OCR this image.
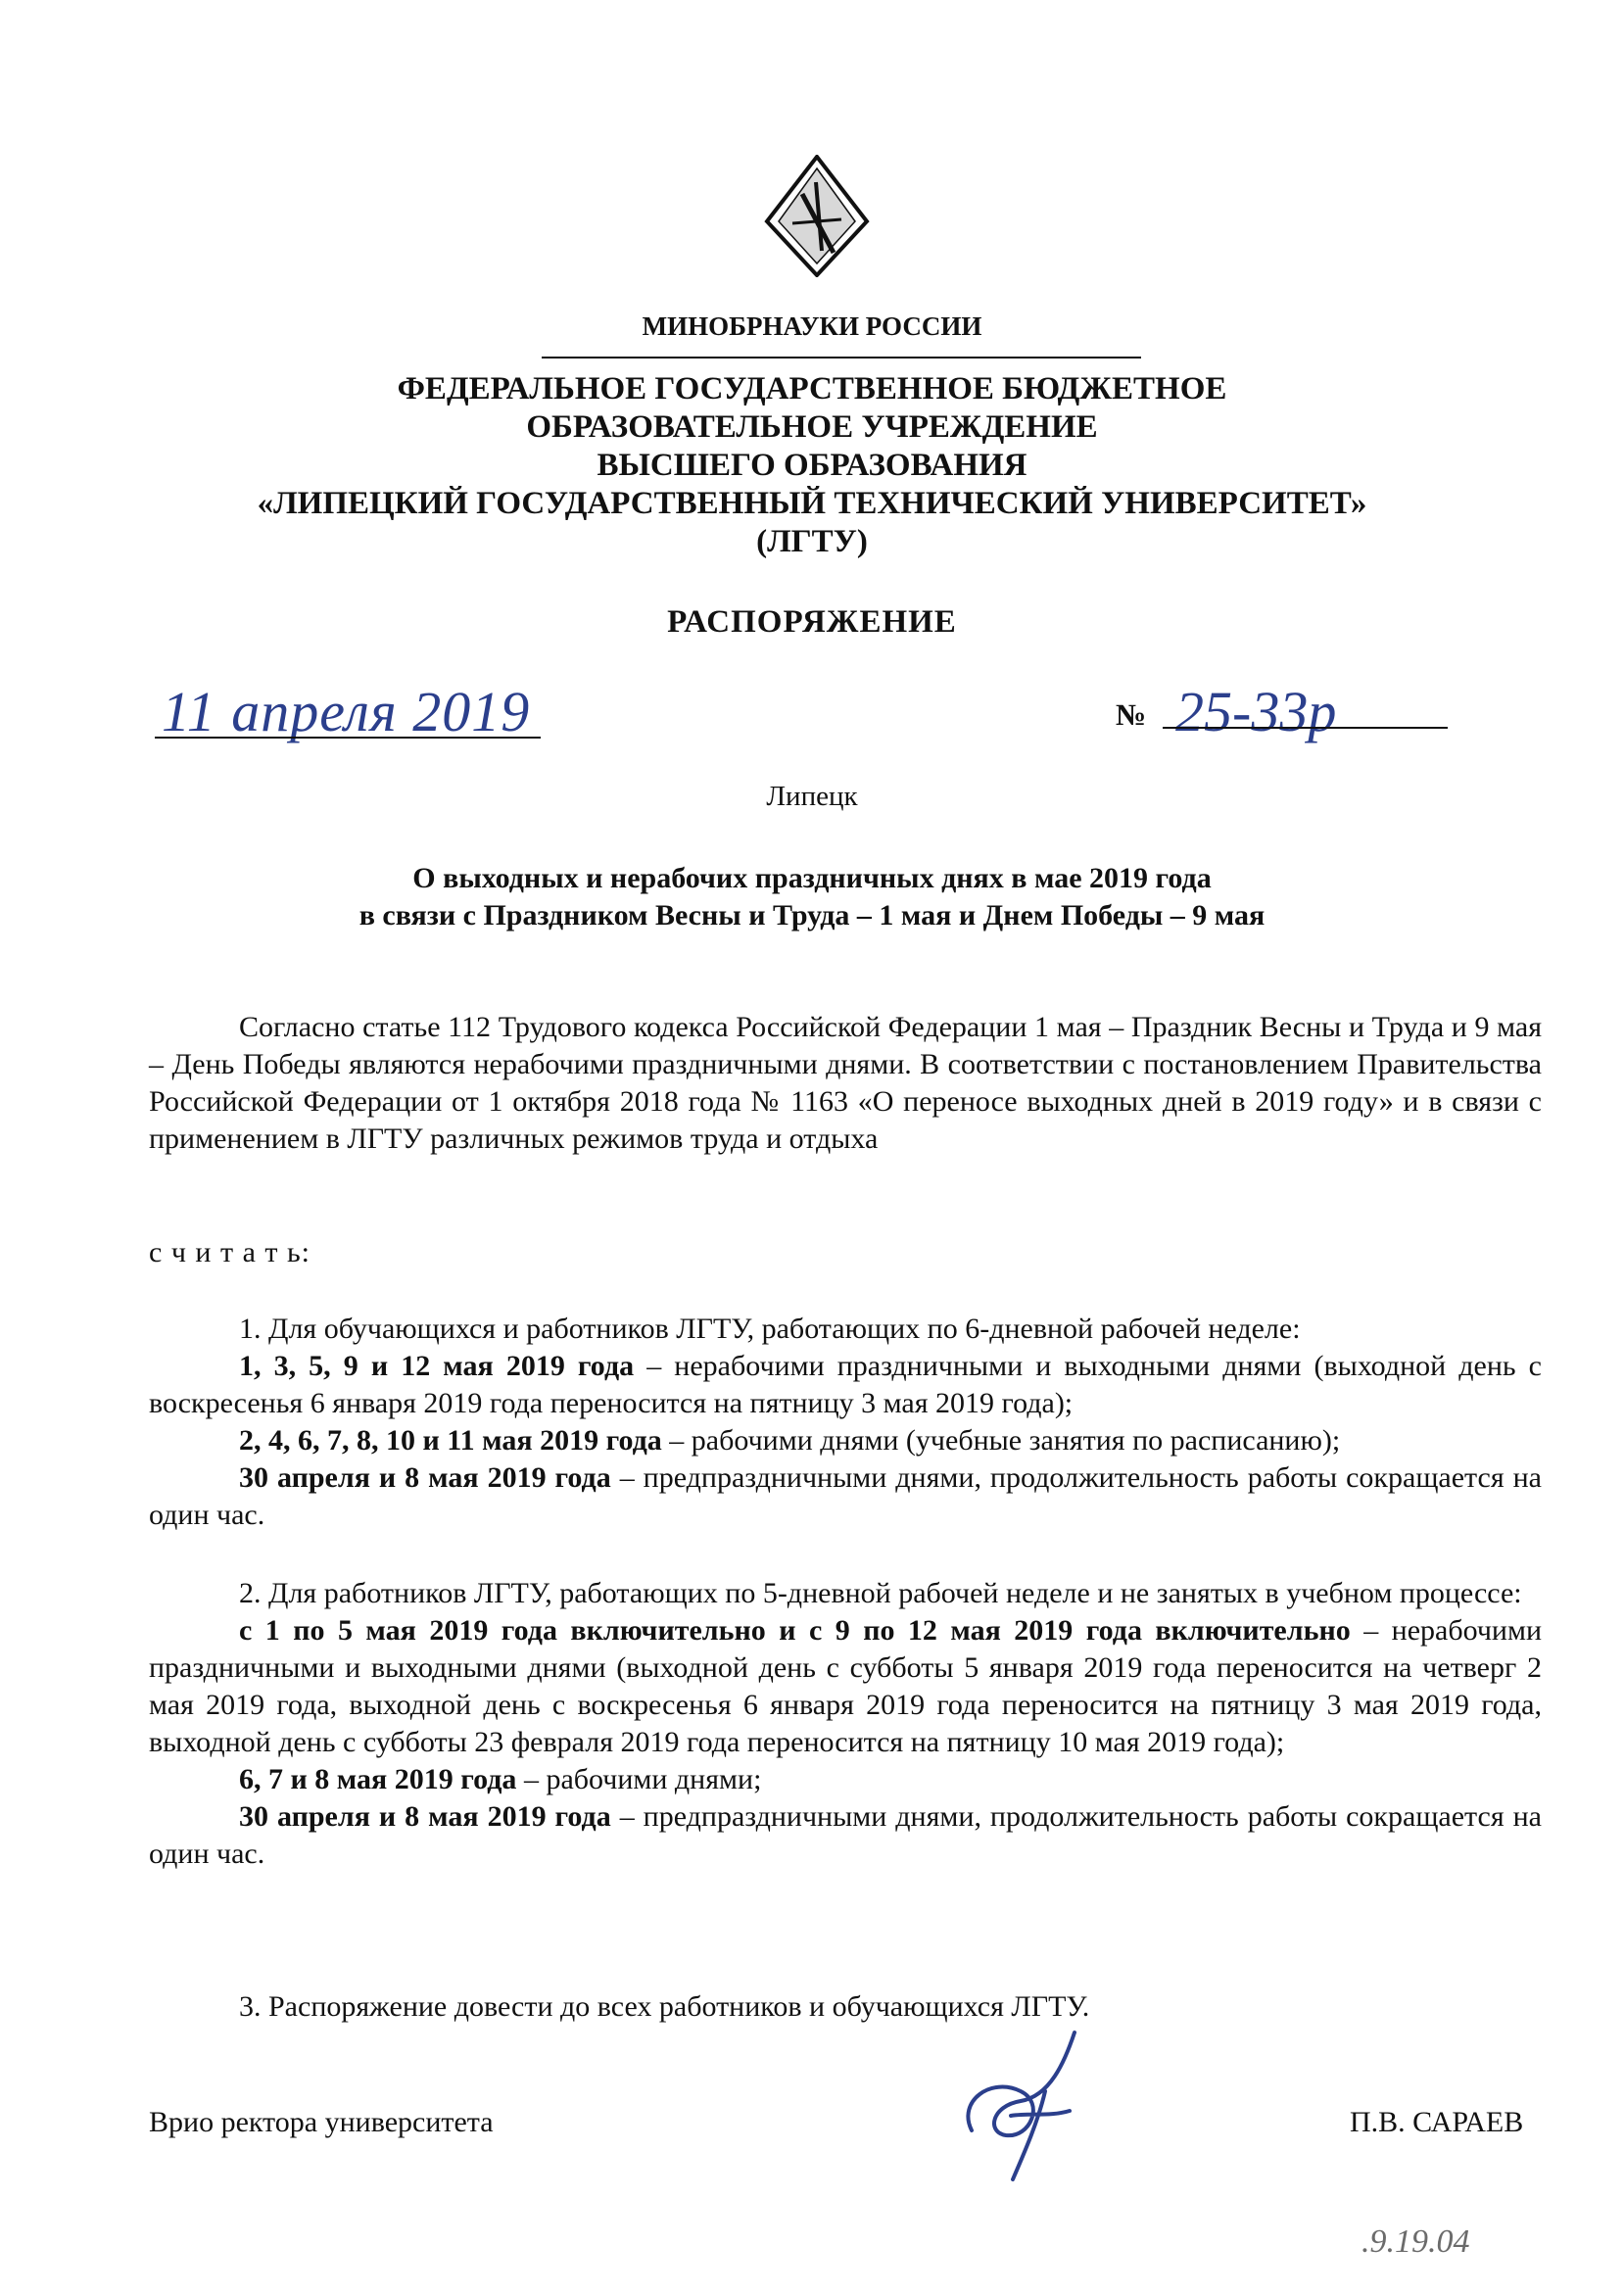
МИНОБРНАУКИ РОССИИ
ФЕДЕРАЛЬНОЕ ГОСУДАРСТВЕННОЕ БЮДЖЕТНОЕ
ОБРАЗОВАТЕЛЬНОЕ УЧРЕЖДЕНИЕ
ВЫСШЕГО ОБРАЗОВАНИЯ
«ЛИПЕЦКИЙ ГОСУДАРСТВЕННЫЙ ТЕХНИЧЕСКИЙ УНИВЕРСИТЕТ»
(ЛГТУ)
РАСПОРЯЖЕНИЕ
11 апреля 2019	№ 25-33р
Липецк
О выходных и нерабочих праздничных днях в мае 2019 года
в связи с Праздником Весны и Труда – 1 мая и Днем Победы – 9 мая

Согласно статье 112 Трудового кодекса Российской Федерации 1 мая – Праздник Весны и Труда и 9 мая – День Победы являются нерабочими праздничными днями. В соответствии с постановлением Правительства Российской Федерации от 1 октября 2018 года № 1163 «О переносе выходных дней в 2019 году» и в связи с применением в ЛГТУ различных режимов труда и отдыха

с ч и т а т ь:

1. Для обучающихся и работников ЛГТУ, работающих по 6-дневной рабочей неделе:

1, 3, 5, 9 и 12 мая 2019 года – нерабочими праздничными и выходными днями (выходной день с воскресенья 6 января 2019 года переносится на пятницу 3 мая 2019 года);

2, 4, 6, 7, 8, 10 и 11 мая 2019 года – рабочими днями (учебные занятия по расписанию);

30 апреля и 8 мая 2019 года – предпраздничными днями, продолжительность работы сокращается на один час.

2. Для работников ЛГТУ, работающих по 5-дневной рабочей неделе и не занятых в учебном процессе:

с 1 по 5 мая 2019 года включительно и с 9 по 12 мая 2019 года включительно – нерабочими праздничными и выходными днями (выходной день с субботы 5 января 2019 года переносится на четверг 2 мая 2019 года, выходной день с воскресенья 6 января 2019 года переносится на пятницу 3 мая 2019 года, выходной день с субботы 23 февраля 2019 года переносится на пятницу 10 мая 2019 года);

6, 7 и 8 мая 2019 года – рабочими днями;

30 апреля и 8 мая 2019 года – предпраздничными днями, продолжительность работы сокращается на один час.

3. Распоряжение довести до всех работников и обучающихся ЛГТУ.

Врио ректора университета	П.В. САРАЕВ
.9.19.04
